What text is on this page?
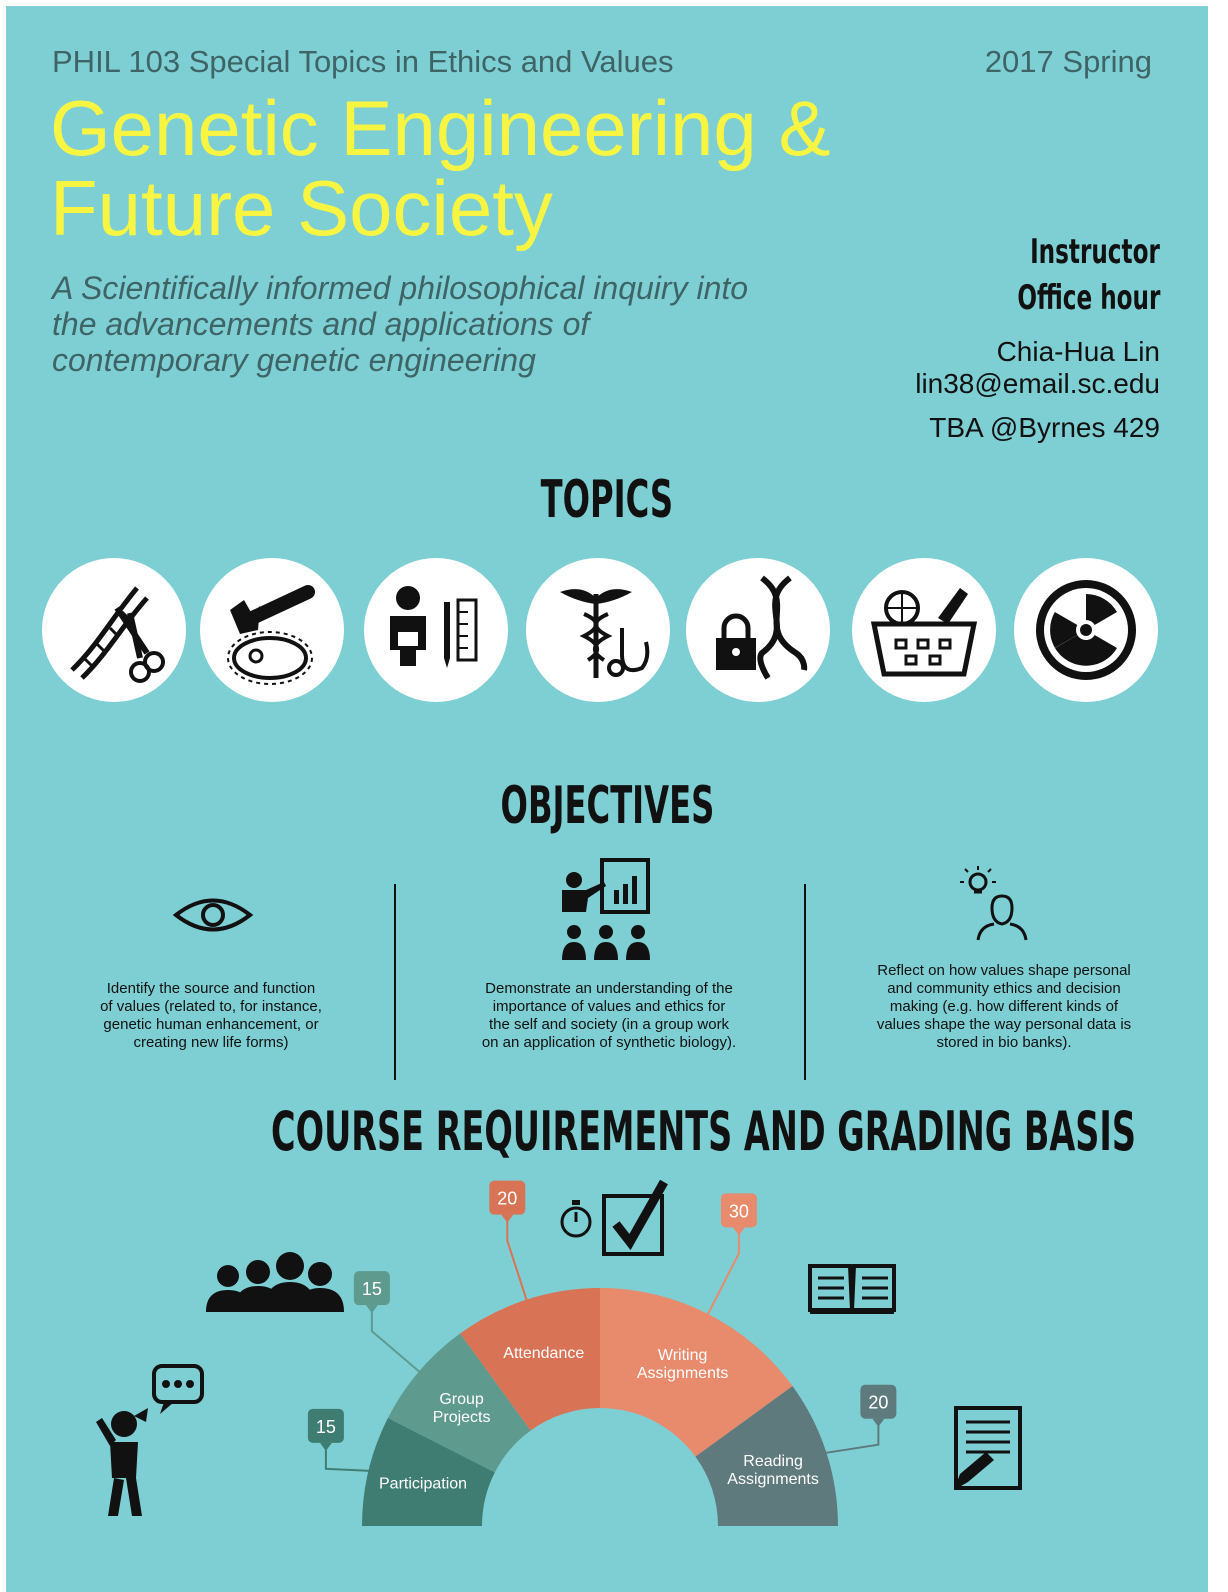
PHIL 103 Special Topics in Ethics and Values	2017 Spring
Genetic Engineering &
Future Society
A Scientifically informed philosophical inquiry into
the advancements and applications of
contemporary genetic engineering
Instructor
Office hour
Chia-Hua Lin
lin38@email.sc.edu
TBA @Byrnes 429
TOPICS
OBJECTIVES
Identify the source and function
of values (related to, for instance,
genetic human enhancement, or
creating new life forms)
Demonstrate an understanding of the
importance of values and ethics for
the self and society (in a group work
on an application of synthetic biology).
Reflect on how values shape personal
and community ethics and decision
making (e.g. how different kinds of
values shape the way personal data is
stored in bio banks).
COURSE REQUIREMENTS AND GRADING BASIS
Participation
15
Group Projects
15
Attendance
20
Writing Assignments
30
Reading Assignments
20
